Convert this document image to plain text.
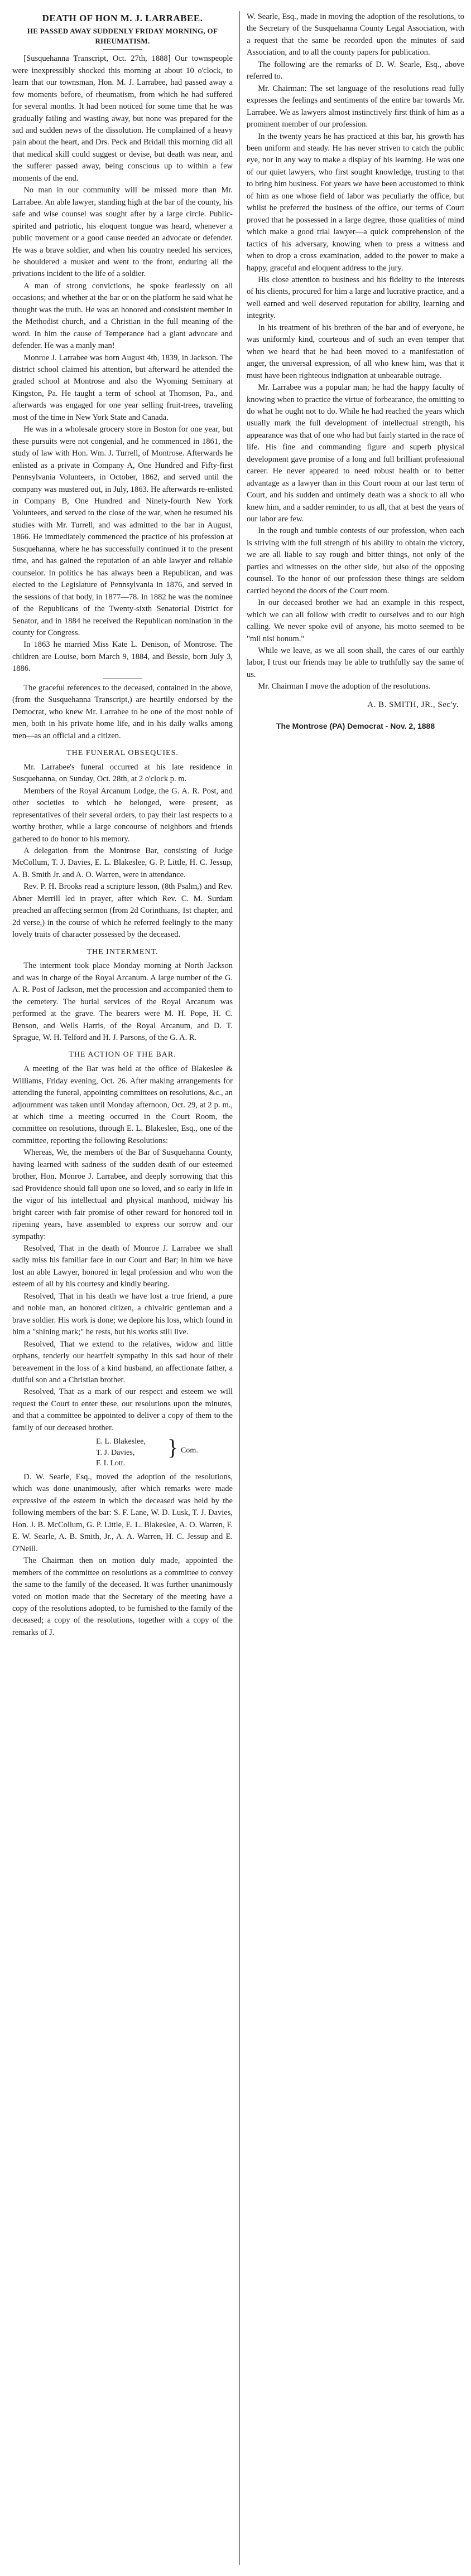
DEATH OF HON M. J. LARRABEE.
HE PASSED AWAY SUDDENLY FRIDAY MORNING, OF RHEUMATISM.

[Susquehanna Transcript, Oct. 27th, 1888] Our townspeople were inexpressibly shocked this morning at about 10 o'clock, to learn that our townsman, Hon. M. J. Larrabee, had passed away a few moments before, of rheumatism, from which he had suffered for several months. It had been noticed for some time that he was gradually failing and wasting away, but none was prepared for the sad and sudden news of the dissolution. He complained of a heavy pain about the heart, and Drs. Peck and Bridall this morning did all that medical skill could suggest or devise, but death was near, and the sufferer passed away, being conscious up to within a few moments of the end.

No man in our community will be missed more than Mr. Larrabee. An able lawyer, standing high at the bar of the county, his safe and wise counsel was sought after by a large circle. Public-spirited and patriotic, his eloquent tongue was heard, whenever a public movement or a good cause needed an advocate or defender. He was a brave soldier, and when his country needed his services, he shouldered a musket and went to the front, enduring all the privations incident to the life of a soldier.

A man of strong convictions, he spoke fearlessly on all occasions; and whether at the bar or on the platform he said what he thought was the truth. He was an honored and consistent member in the Methodist church, and a Christian in the full meaning of the word. In him the cause of Temperance had a giant advocate and defender. He was a manly man!

Monroe J. Larrabee was born August 4th, 1839, in Jackson. The district school claimed his attention, but afterward he attended the graded school at Montrose and also the Wyoming Seminary at Kingston, Pa. He taught a term of school at Thomson, Pa., and afterwards was engaged for one year selling fruit-trees, traveling most of the time in New York State and Canada.

He was in a wholesale grocery store in Boston for one year, but these pursuits were not congenial, and he commenced in 1861, the study of law with Hon. Wm. J. Turrell, of Montrose. Afterwards he enlisted as a private in Company A, One Hundred and Fifty-first Pennsylvania Volunteers, in October, 1862, and served until the company was mustered out, in July, 1863. He afterwards re-enlisted in Company B, One Hundred and Ninety-fourth New York Volunteers, and served to the close of the war, when he resumed his studies with Mr. Turrell, and was admitted to the bar in August, 1866. He immediately commenced the practice of his profession at Susquehanna, where he has successfully continued it to the present time, and has gained the reputation of an able lawyer and reliable counselor. In politics he has always been a Republican, and was elected to the Legislature of Pennsylvania in 1876, and served in the sessions of that body, in 1877—78. In 1882 he was the nominee of the Republicans of the Twenty-sixth Senatorial District for Senator, and in 1884 he received the Republican nomination in the county for Congress.

In 1863 he married Miss Kate L. Denison, of Montrose. The children are Louise, born March 9, 1884, and Bessie, born July 3, 1886.

The graceful references to the deceased, contained in the above, (from the Susquehanna Transcript,) are heartily endorsed by the Democrat, who knew Mr. Larrabee to be one of the most noble of men, both in his private home life, and in his daily walks among men—as an official and a citizen.

THE FUNERAL OBSEQUIES.

Mr. Larrabee's funeral occurred at his late residence in Susquehanna, on Sunday, Oct. 28th, at 2 o'clock p. m.

Members of the Royal Arcanum Lodge, the G. A. R. Post, and other societies to which he belonged, were present, as representatives of their several orders, to pay their last respects to a worthy brother, while a large concourse of neighbors and friends gathered to do honor to his memory.

A delegation from the Montrose Bar, consisting of Judge McCollum, T. J. Davies, E. L. Blakeslee, G. P. Little, H. C. Jessup, A. B. Smith Jr. and A. O. Warren, were in attendance.

Rev. P. H. Brooks read a scripture lesson, (8th Psalm,) and Rev. Abner Merrill led in prayer, after which Rev. C. M. Surdam preached an affecting sermon (from 2d Corinthians, 1st chapter, and 2d verse,) in the course of which he referred feelingly to the many lovely traits of character possessed by the deceased.

THE INTERMENT.

The interment took place Monday morning at North Jackson and was in charge of the Royal Arcanum. A large number of the G. A. R. Post of Jackson, met the procession and accompanied them to the cemetery. The burial services of the Royal Arcanum was performed at the grave. The bearers were M. H. Pope, H. C. Benson, and Wells Harris, of the Royal Arcanum, and D. T. Sprague, W. H. Telford and H. J. Parsons, of the G. A. R.

THE ACTION OF THE BAR.

A meeting of the Bar was held at the office of Blakeslee & Williams, Friday evening, Oct. 26. After making arrangements for attending the funeral, appointing committees on resolutions, &c., an adjournment was taken until Monday afternoon, Oct. 29, at 2 p. m., at which time a meeting occurred in the Court Room, the committee on resolutions, through E. L. Blakeslee, Esq., one of the committee, reporting the following Resolutions:

Whereas, We, the members of the Bar of Susquehanna County, having learned with sadness of the sudden death of our esteemed brother, Hon. Monroe J. Larrabee, and deeply sorrowing that this sad Providence should fall upon one so loved, and so early in life in the vigor of his intellectual and physical manhood, midway his bright career with fair promise of other reward for honored toil in ripening years, have assembled to express our sorrow and our sympathy:

Resolved, That in the death of Monroe J. Larrabee we shall sadly miss his familiar face in our Court and Bar; in him we have lost an able Lawyer, honored in legal profession and who won the esteem of all by his courtesy and kindly bearing.

Resolved, That in his death we have lost a true friend, a pure and noble man, an honored citizen, a chivalric gentleman and a brave soldier. His work is done; we deplore his loss, which found in him a "shining mark;" he rests, but his works still live.

Resolved, That we extend to the relatives, widow and little orphans, tenderly our heartfelt sympathy in this sad hour of their bereavement in the loss of a kind husband, an affectionate father, a dutiful son and a Christian brother.

Resolved, That as a mark of our respect and esteem we will request the Court to enter these, our resolutions upon the minutes, and that a committee be appointed to deliver a copy of them to the family of our deceased brother.

E. L. Blakeslee,
T. J. Davies,
F. I. Lott.
} Com.

D. W. Searle, Esq., moved the adoption of the resolutions, which was done unanimously, after which remarks were made expressive of the esteem in which the deceased was held by the following members of the bar: S. F. Lane, W. D. Lusk, T. J. Davies, Hon. J. B. McCollum, G. P. Little, E. L. Blakeslee, A. O. Warren, F. E. W. Searle, A. B. Smith, Jr., A. A. Warren, H. C. Jessup and E. O'Neill.

The Chairman then on motion duly made, appointed the members of the committee on resolutions as a committee to convey the same to the family of the deceased. It was further unanimously voted on motion made that the Secretary of the meeting have a copy of the resolutions adopted, to be furnished to the family of the deceased; a copy of the resolutions, together with a copy of the remarks of J.

W. Searle, Esq., made in moving the adoption of the resolutions, to the Secretary of the Susquehanna County Legal Association, with a request that the same be recorded upon the minutes of said Association, and to all the county papers for publication.

The following are the remarks of D. W. Searle, Esq., above referred to.

Mr. Chairman: The set language of the resolutions read fully expresses the feelings and sentiments of the entire bar towards Mr. Larrabee. We as lawyers almost instinctively first think of him as a prominent member of our profession.

In the twenty years he has practiced at this bar, his growth has been uniform and steady. He has never striven to catch the public eye, nor in any way to make a display of his learning. He was one of our quiet lawyers, who first sought knowledge, trusting to that to bring him business. For years we have been accustomed to think of him as one whose field of labor was peculiarly the office, but whilst he preferred the business of the office, our terms of Court proved that he possessed in a large degree, those qualities of mind which make a good trial lawyer—a quick comprehension of the tactics of his adversary, knowing when to press a witness and when to drop a cross examination, added to the power to make a happy, graceful and eloquent address to the jury.

His close attention to business and his fidelity to the interests of his clients, procured for him a large and lucrative practice, and a well earned and well deserved reputation for ability, learning and integrity.

In his treatment of his brethren of the bar and of everyone, he was uniformly kind, courteous and of such an even temper that when we heard that he had been moved to a manifestation of anger, the universal expression, of all who knew him, was that it must have been righteous indignation at unbearable outrage.

Mr. Larrabee was a popular man; he had the happy faculty of knowing when to practice the virtue of forbearance, the omitting to do what he ought not to do. While he had reached the years which usually mark the full development of intellectual strength, his appearance was that of one who had but fairly started in the race of life. His fine and commanding figure and superb physical development gave promise of a long and full brilliant professional career. He never appeared to need robust health or to better advantage as a lawyer than in this Court room at our last term of Court, and his sudden and untimely death was a shock to all who knew him, and a sadder reminder, to us all, that at best the years of our labor are few.

In the rough and tumble contests of our profession, when each is striving with the full strength of his ability to obtain the victory, we are all liable to say rough and bitter things, not only of the parties and witnesses on the other side, but also of the opposing counsel. To the honor of our profession these things are seldom carried beyond the doors of the Court room.

In our deceased brother we had an example in this respect, which we can all follow with credit to ourselves and to our high calling. We never spoke evil of anyone, his motto seemed to be "mil nisi bonum."

While we leave, as we all soon shall, the cares of our earthly labor, I trust our friends may be able to truthfully say the same of us.

Mr. Chairman I move the adoption of the resolutions.

A. B. SMITH, JR., Sec'y.
The Montrose (PA) Democrat - Nov. 2, 1888
